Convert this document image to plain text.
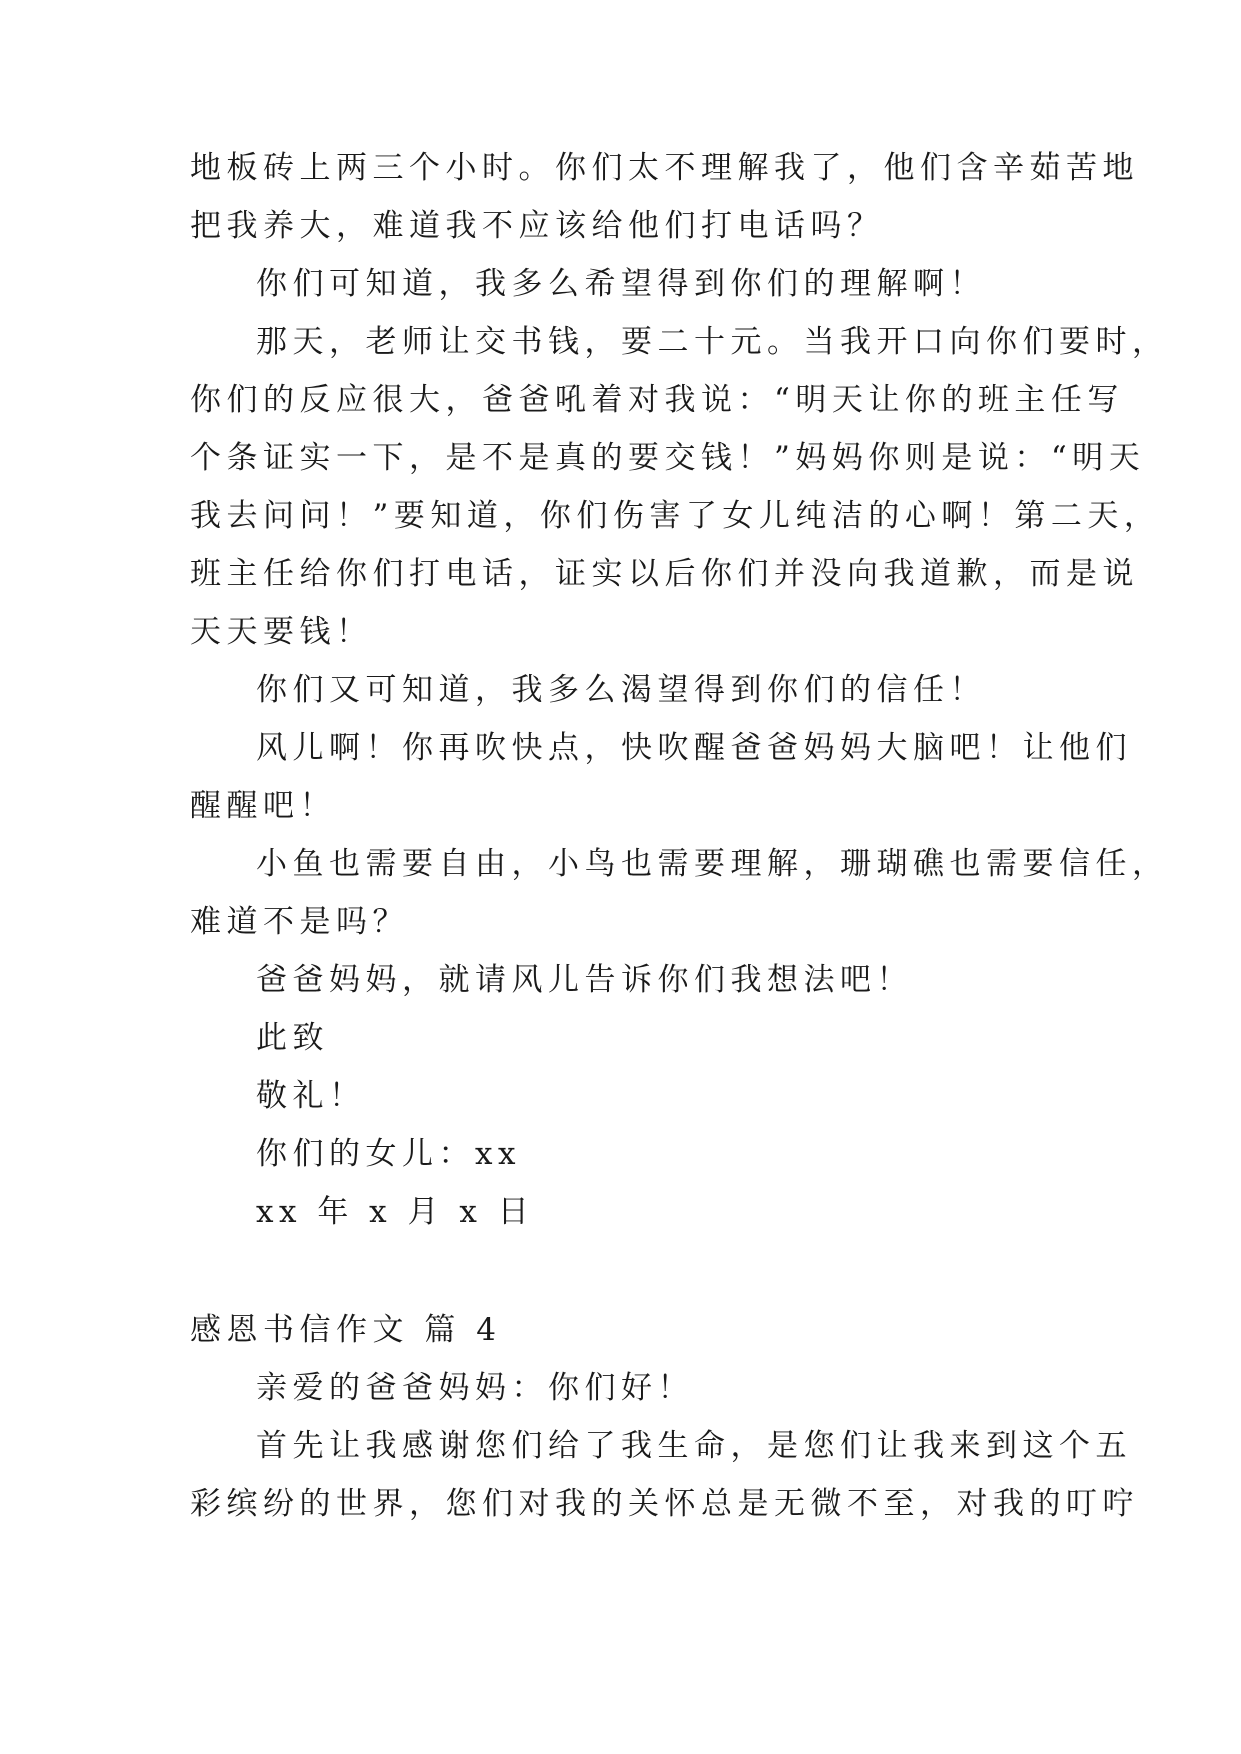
地板砖上两三个小时。你们太不理解我了，他们含辛茹苦地
把我养大，难道我不应该给他们打电话吗？
你们可知道，我多么希望得到你们的理解啊！
那天，老师让交书钱，要二十元。当我开口向你们要时，
你们的反应很大，爸爸吼着对我说：“明天让你的班主任写
个条证实一下，是不是真的要交钱！”妈妈你则是说：“明天
我去问问！”要知道，你们伤害了女儿纯洁的心啊！第二天，
班主任给你们打电话，证实以后你们并没向我道歉，而是说
天天要钱！
你们又可知道，我多么渴望得到你们的信任！
风儿啊！你再吹快点，快吹醒爸爸妈妈大脑吧！让他们
醒醒吧！
小鱼也需要自由，小鸟也需要理解，珊瑚礁也需要信任，
难道不是吗？
爸爸妈妈，就请风儿告诉你们我想法吧！
此致
敬礼！
你们的女儿：xx
xx 年 x 月 x 日
感恩书信作文 篇 4
亲爱的爸爸妈妈：你们好！
首先让我感谢您们给了我生命，是您们让我来到这个五
彩缤纷的世界，您们对我的关怀总是无微不至，对我的叮咛
